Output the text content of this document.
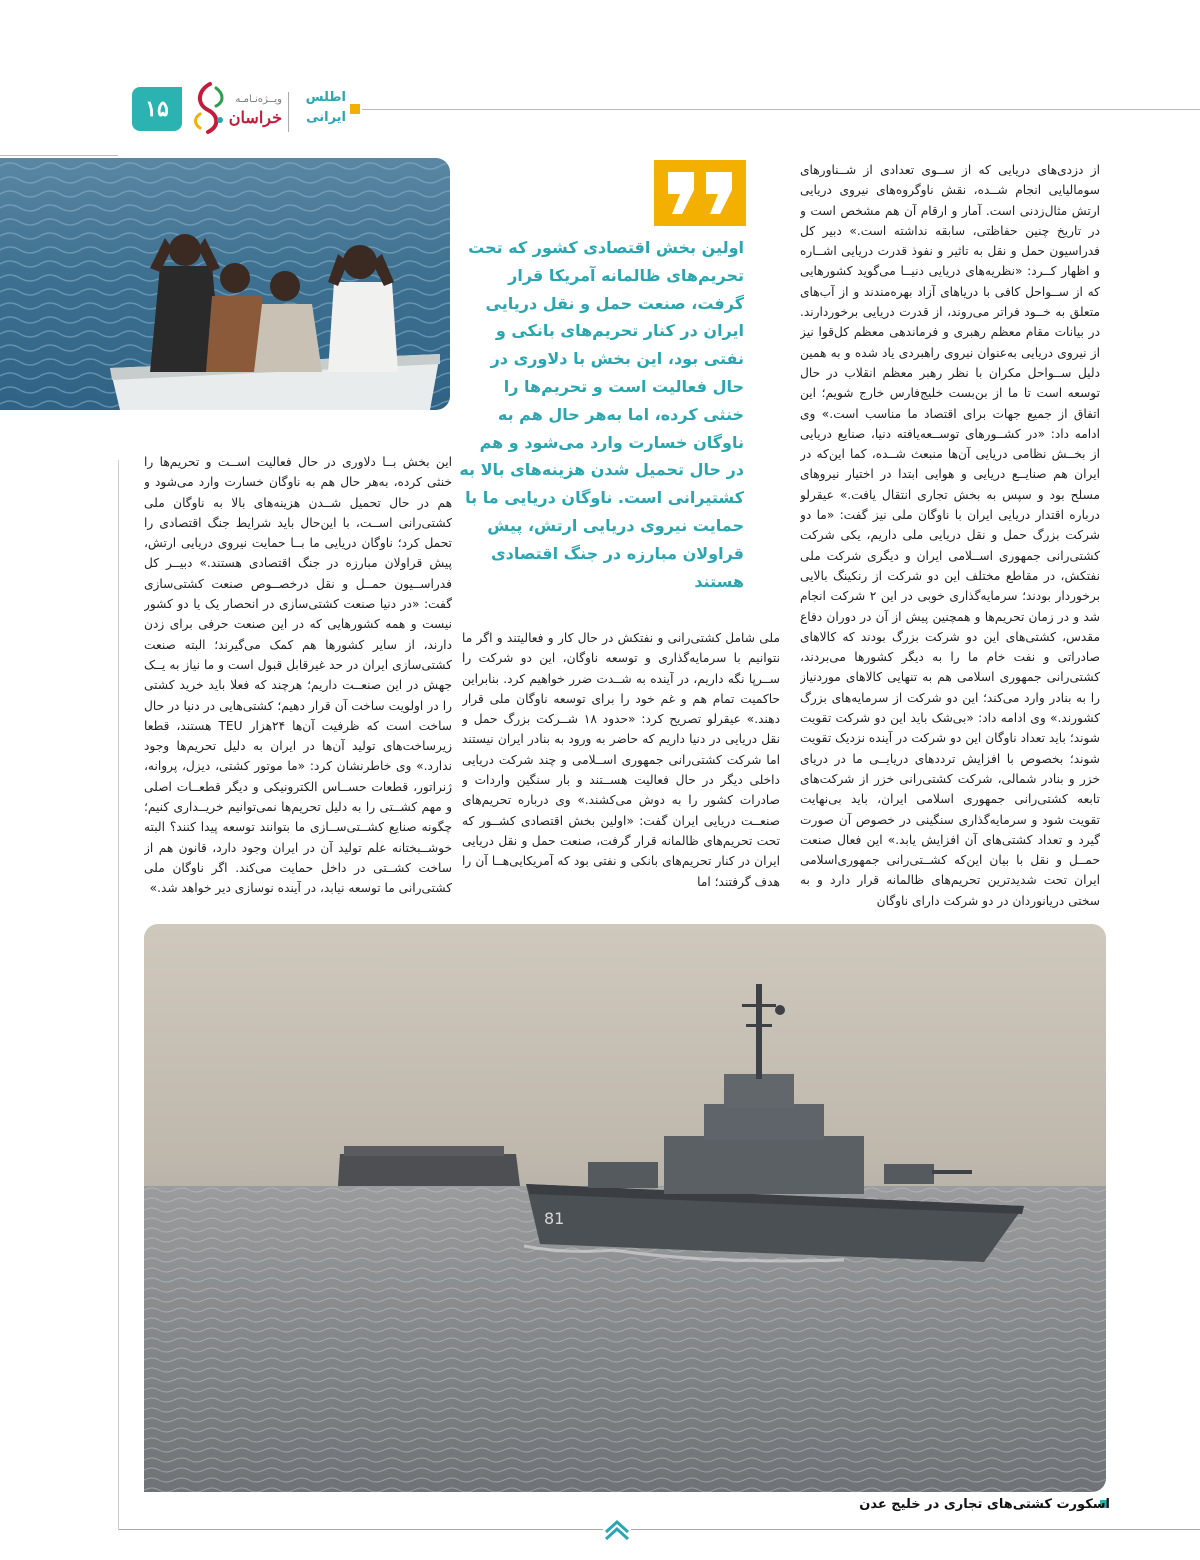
۱۵	ویــژه‌نـامـه
خراسان
اطلس
ایرانی
اولین بخش اقتصادی کشور که تحت تحریم‌های ظالمانه آمریکا قرار گرفت، صنعت حمل و نقل دریایی ایران در کنار تحریم‌های بانکی و نفتی بود، این بخش با دلاوری در حال فعالیت است و تحریم‌ها را خنثی کرده، اما به‌هر حال هم به ناوگان خسارت وارد می‌شود و هم در حال تحمیل شدن هزینه‌های بالا به کشتیرانی است. ناوگان دریایی ما با حمایت نیروی دریایی ارتش، پیش قراولان مبارزه در جنگ اقتصادی هستند

از دزدی‌های دریایی که از ســوی تعدادی از شــناورهای سومالیایی انجام شــده، نقش ناوگروه‌های نیروی دریایی ارتش مثال‌زدنی است. آمار و ارقام آن هم مشخص است و در تاریخ چنین حفاظتی، سابقه نداشته است.» دبیر کل فدراسیون حمل و نقل به تاثیر و نفوذ قدرت دریایی اشــاره و اظهار کــرد: «نظریه‌های دریایی دنیــا می‌گوید کشورهایی که از ســواحل کافی با دریاهای آزاد بهره‌مندند و از آب‌های متعلق به خــود فراتر می‌روند، از قدرت دریایی برخوردارند. در بیانات مقام معظم رهبری و فرماندهی معظم کل‌قوا نیز از نیروی دریایی به‌عنوان نیروی راهبردی یاد شده و به همین دلیل ســواحل مکران با نظر رهبر معظم انقلاب در حال توسعه است تا ما از بن‌بست خلیج‌فارس خارج شویم؛ این اتفاق از جمیع جهات برای اقتصاد ما مناسب است.» وی ادامه داد: «در کشــورهای توســعه‌یافته دنیا، صنایع دریایی از بخــش نظامی دریایی آن‌ها منبعث شــده، کما این‌که در ایران هم صنایــع دریایی و هوایی ابتدا در اختیار نیروهای مسلح بود و سپس به بخش تجاری انتقال یافت.» عیقرلو درباره اقتدار دریایی ایران با ناوگان ملی نیز گفت: «ما دو شرکت بزرگ حمل و نقل دریایی ملی داریم، یکی شرکت کشتی‌رانی جمهوری اســلامی ایران و دیگری شرکت ملی نفتکش، در مقاطع مختلف این دو شرکت از رنکینگ بالایی برخوردار بودند؛ سرمایه‌گذاری خوبی در این ۲ شرکت انجام شد و در زمان تحریم‌ها و همچنین پیش از آن در دوران دفاع مقدس، کشتی‌های این دو شرکت بزرگ بودند که کالاهای صادراتی و نفت خام ما را به دیگر کشورها می‌بردند، کشتی‌رانی جمهوری اسلامی هم به تنهایی کالاهای موردنیاز را به بنادر وارد می‌کند؛ این دو شرکت از سرمایه‌های بزرگ کشورند.» وی ادامه داد: «بی‌شک باید این دو شرکت تقویت شوند؛ باید تعداد ناوگان این دو شرکت در آینده نزدیک تقویت شوند؛ بخصوص با افزایش ترددهای دریایــی ما در دریای خزر و بنادر شمالی، شرکت کشتی‌رانی خزر از شرکت‌های تابعه کشتی‌رانی جمهوری اسلامی ایران، باید بی‌نهایت تقویت شود و سرمایه‌گذاری سنگینی در خصوص آن صورت گیرد و تعداد کشتی‌های آن افزایش یابد.» این فعال صنعت حمــل و نقل با بیان این‌که کشــتی‌رانی جمهوری‌اسلامی ایران تحت شدیدترین تحریم‌های ظالمانه قرار دارد و به سختی دریانوردان در دو شرکت دارای ناوگان

ملی شامل کشتی‌رانی و نفتکش در حال کار و فعالیتند و اگر ما نتوانیم با سرمایه‌گذاری و توسعه ناوگان، این دو شرکت را ســرپا نگه داریم، در آینده به شــدت ضرر خواهیم کرد. بنابراین حاکمیت تمام هم و غم خود را برای توسعه ناوگان ملی قرار دهند.» عیقرلو تصریح کرد: «حدود ۱۸ شــرکت بزرگ حمل و نقل دریایی در دنیا داریم که حاضر به ورود به بنادر ایران نیستند اما شرکت کشتی‌رانی جمهوری اســلامی و چند شرکت دریایی داخلی دیگر در حال فعالیت هســتند و بار سنگین واردات و صادرات کشور را به دوش می‌کشند.» وی درباره تحریم‌های صنعــت دریایی ایران گفت: «اولین بخش اقتصادی کشــور که تحت تحریم‌های ظالمانه قرار گرفت، صنعت حمل و نقل دریایی ایران در کنار تحریم‌های بانکی و نفتی بود که آمریکایی‌هــا آن را هدف گرفتند؛ اما

این بخش بــا دلاوری در حال فعالیت اســت و تحریم‌ها را خنثی کرده، به‌هر حال هم به ناوگان خسارت وارد می‌شود و هم در حال تحمیل شــدن هزینه‌های بالا به ناوگان ملی کشتی‌رانی اســت، با این‌حال باید شرایط جنگ اقتصادی را تحمل کرد؛ ناوگان دریایی ما بــا حمایت نیروی دریایی ارتش، پیش قراولان مبارزه در جنگ اقتصادی هستند.» دبیــر کل فدراســیون حمــل و نقل درخصــوص صنعت کشتی‌سازی گفت: «در دنیا صنعت کشتی‌سازی در انحصار یک یا دو کشور نیست و همه کشورهایی که در این صنعت حرفی برای زدن دارند، از سایر کشورها هم کمک می‌گیرند؛ البته صنعت کشتی‌سازی ایران در حد غیرقابل قبول است و ما نیاز به یــک جهش در این صنعــت داریم؛ هرچند که فعلا باید خرید کشتی را در اولویت ساخت آن قرار دهیم؛ کشتی‌هایی در دنیا در حال ساخت است که ظرفیت آن‌ها ۲۴هزار TEU هستند، قطعا زیرساخت‌های تولید آن‌ها در ایران به دلیل تحریم‌ها وجود ندارد.» وی خاطرنشان کرد: «ما موتور کشتی، دیزل، پروانه، ژنراتور، قطعات حســاس الکترونیکی و دیگر قطعــات اصلی و مهم کشــتی را به دلیل تحریم‌ها نمی‌توانیم خریــداری کنیم؛ چگونه صنایع کشــتی‌ســازی ما بتوانند توسعه پیدا کنند؟ البته خوشــبختانه علم تولید آن در ایران وجود دارد، قانون هم از ساخت کشــتی در داخل حمایت می‌کند. اگر ناوگان ملی کشتی‌رانی ما توسعه نیابد، در آینده نوسازی دیر خواهد شد.»

81
اسکورت کشتی‌های تجاری در خلیج عدن
